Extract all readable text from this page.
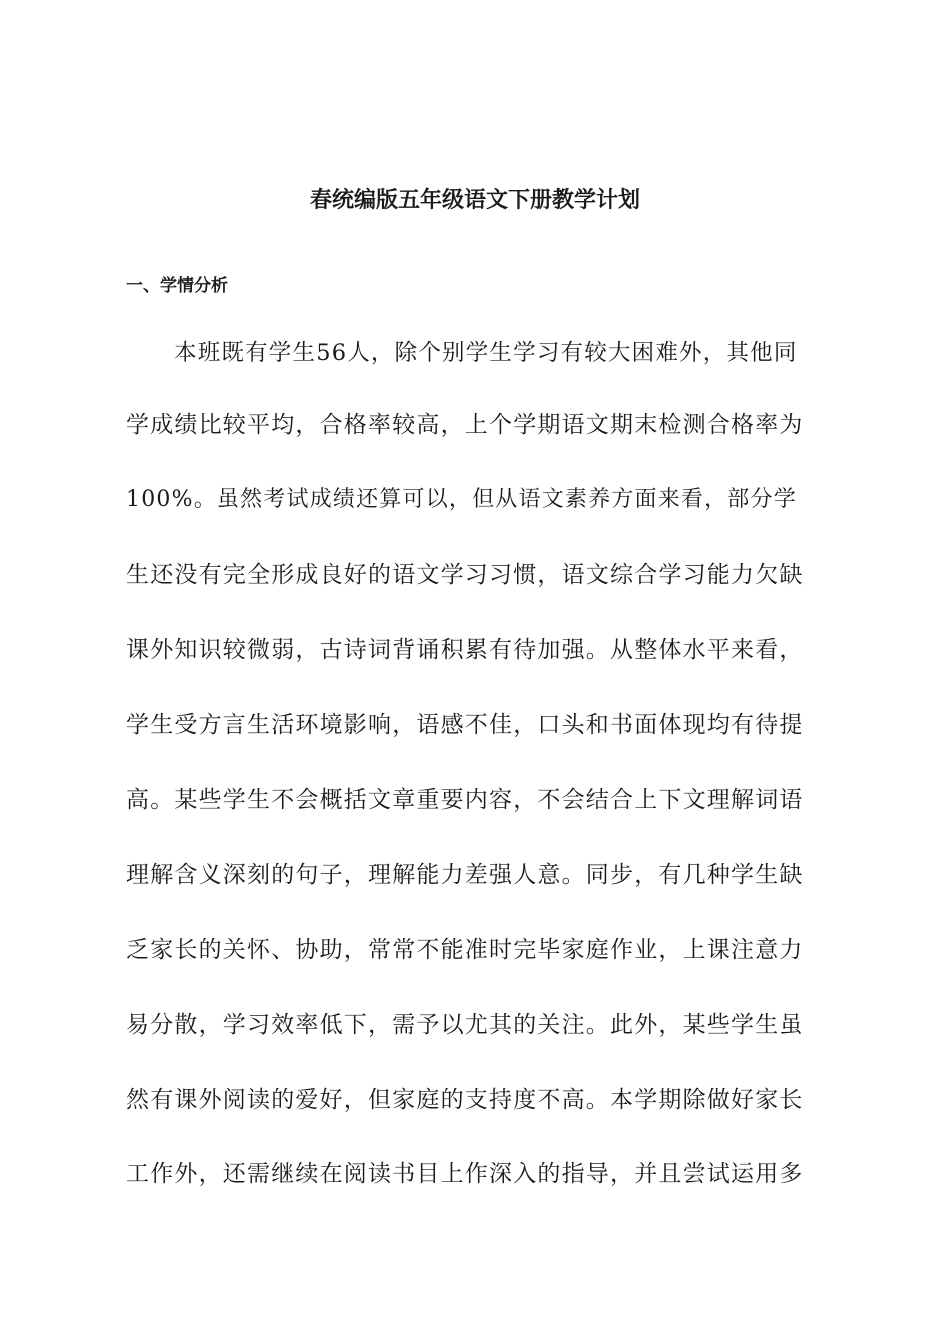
春统编版五年级语文下册教学计划
一、学情分析

本班既有学生56人，除个别学生学习有较大困难外，其他同

学成绩比较平均，合格率较高，上个学期语文期末检测合格率为

100%。虽然考试成绩还算可以，但从语文素养方面来看，部分学

生还没有完全形成良好的语文学习习惯，语文综合学习能力欠缺

课外知识较微弱，古诗词背诵积累有待加强。从整体水平来看，

学生受方言生活环境影响，语感不佳，口头和书面体现均有待提

高。某些学生不会概括文章重要内容，不会结合上下文理解词语

理解含义深刻的句子，理解能力差强人意。同步，有几种学生缺

乏家长的关怀、协助，常常不能准时完毕家庭作业，上课注意力

易分散，学习效率低下，需予以尤其的关注。此外，某些学生虽

然有课外阅读的爱好，但家庭的支持度不高。本学期除做好家长

工作外，还需继续在阅读书目上作深入的指导，并且尝试运用多
